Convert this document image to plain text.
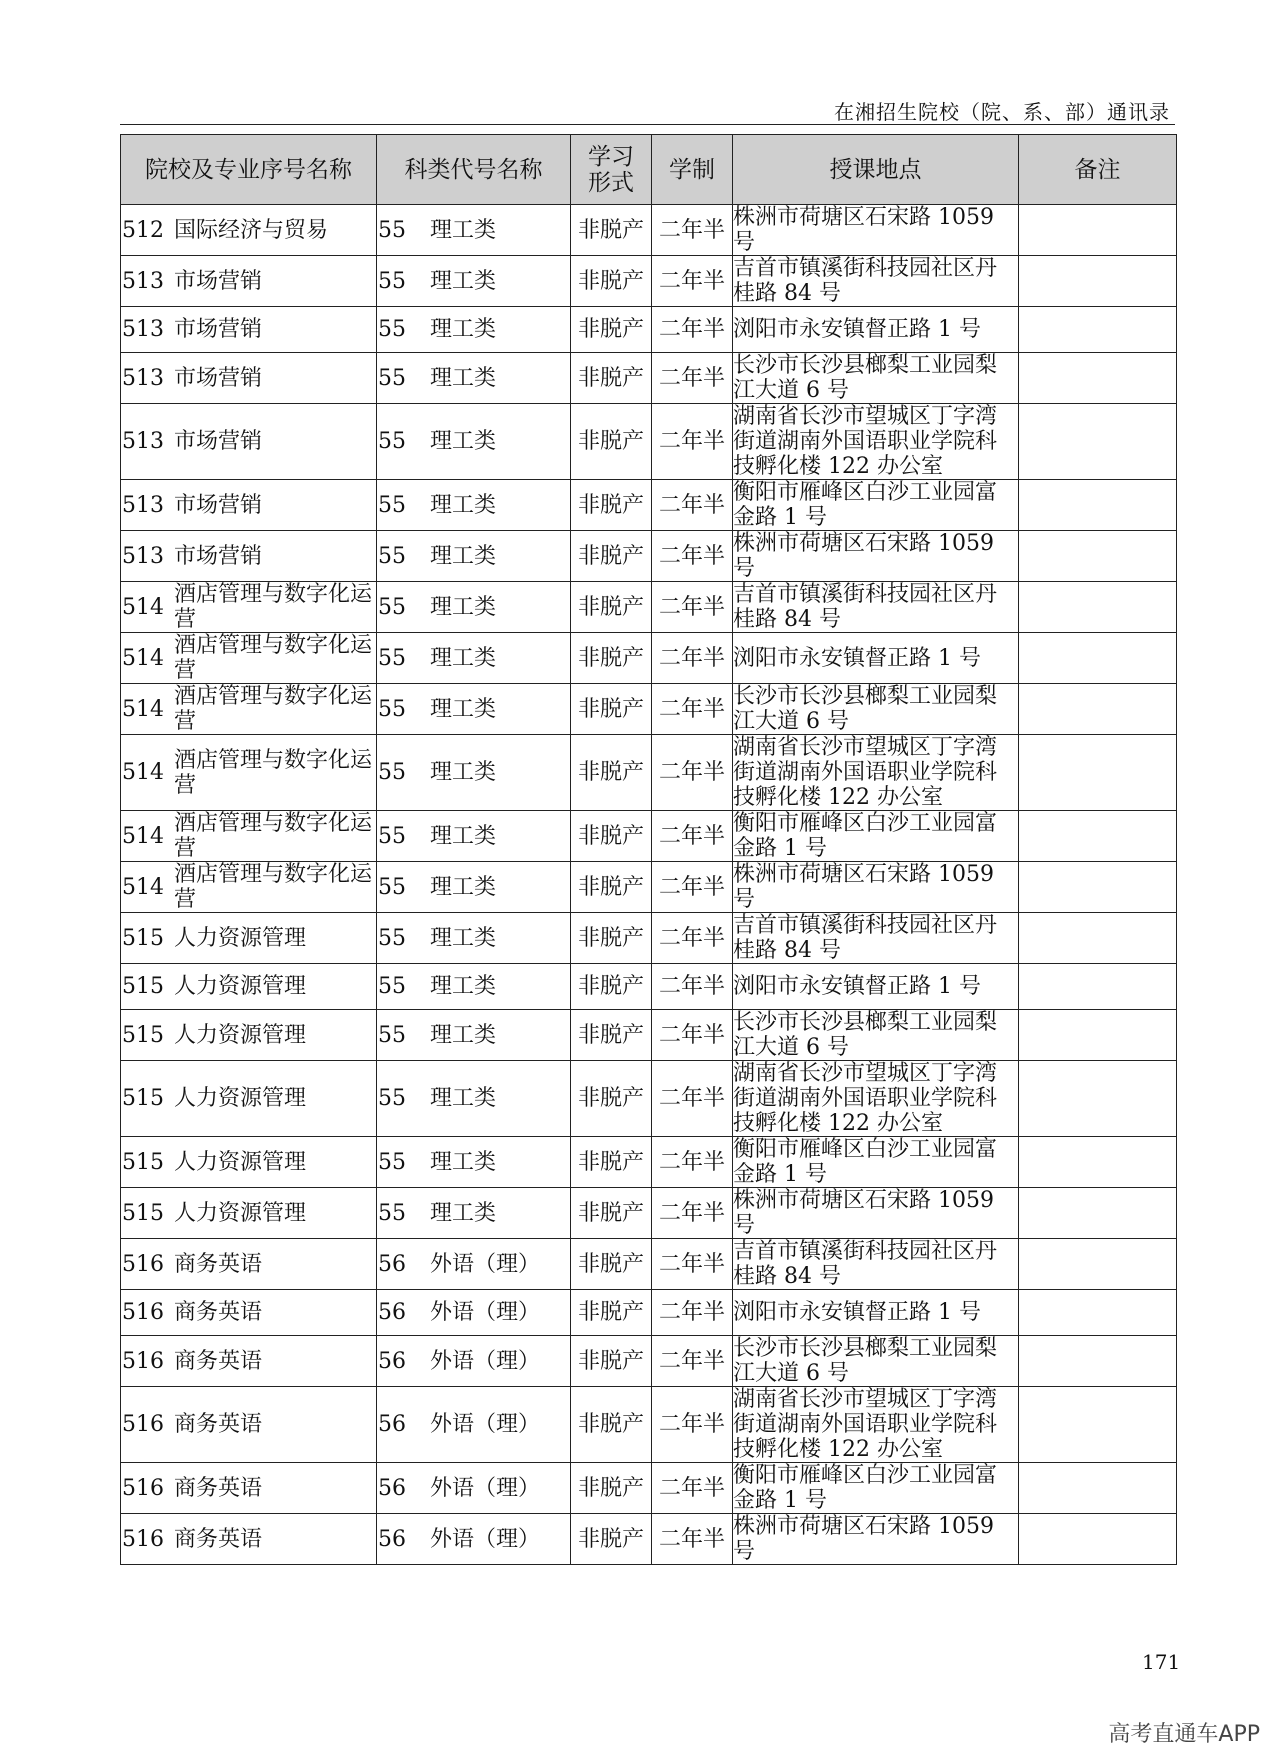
在湘招生院校（院、系、部）通讯录
院校及专业序号名称	科类代号名称	学习
形式	学制	授课地点	备注

512 国际经济与贸易	55 理工类	非脱产	二年半	株洲市荷塘区石宋路 1059 号	

513 市场营销	55 理工类	非脱产	二年半	吉首市镇溪街科技园社区丹桂路 84 号	

513 市场营销	55 理工类	非脱产	二年半	浏阳市永安镇督正路 1 号	

513 市场营销	55 理工类	非脱产	二年半	长沙市长沙县榔梨工业园梨江大道 6 号	

513 市场营销	55 理工类	非脱产	二年半	湖南省长沙市望城区丁字湾街道湖南外国语职业学院科技孵化楼 122 办公室	

513 市场营销	55 理工类	非脱产	二年半	衡阳市雁峰区白沙工业园富金路 1 号	

513 市场营销	55 理工类	非脱产	二年半	株洲市荷塘区石宋路 1059 号	

514 酒店管理与数字化运营	55 理工类	非脱产	二年半	吉首市镇溪街科技园社区丹桂路 84 号	

514 酒店管理与数字化运营	55 理工类	非脱产	二年半	浏阳市永安镇督正路 1 号	

514 酒店管理与数字化运营	55 理工类	非脱产	二年半	长沙市长沙县榔梨工业园梨江大道 6 号	

514 酒店管理与数字化运营	55 理工类	非脱产	二年半	湖南省长沙市望城区丁字湾街道湖南外国语职业学院科技孵化楼 122 办公室	

514 酒店管理与数字化运营	55 理工类	非脱产	二年半	衡阳市雁峰区白沙工业园富金路 1 号	

514 酒店管理与数字化运营	55 理工类	非脱产	二年半	株洲市荷塘区石宋路 1059 号	

515 人力资源管理	55 理工类	非脱产	二年半	吉首市镇溪街科技园社区丹桂路 84 号	

515 人力资源管理	55 理工类	非脱产	二年半	浏阳市永安镇督正路 1 号	

515 人力资源管理	55 理工类	非脱产	二年半	长沙市长沙县榔梨工业园梨江大道 6 号	

515 人力资源管理	55 理工类	非脱产	二年半	湖南省长沙市望城区丁字湾街道湖南外国语职业学院科技孵化楼 122 办公室	

515 人力资源管理	55 理工类	非脱产	二年半	衡阳市雁峰区白沙工业园富金路 1 号	

515 人力资源管理	55 理工类	非脱产	二年半	株洲市荷塘区石宋路 1059 号	

516 商务英语	56 外语（理）	非脱产	二年半	吉首市镇溪街科技园社区丹桂路 84 号	

516 商务英语	56 外语（理）	非脱产	二年半	浏阳市永安镇督正路 1 号	

516 商务英语	56 外语（理）	非脱产	二年半	长沙市长沙县榔梨工业园梨江大道 6 号	

516 商务英语	56 外语（理）	非脱产	二年半	湖南省长沙市望城区丁字湾街道湖南外国语职业学院科技孵化楼 122 办公室	

516 商务英语	56 外语（理）	非脱产	二年半	衡阳市雁峰区白沙工业园富金路 1 号	

516 商务英语	56 外语（理）	非脱产	二年半	株洲市荷塘区石宋路 1059 号	
171
高考直通车APP
